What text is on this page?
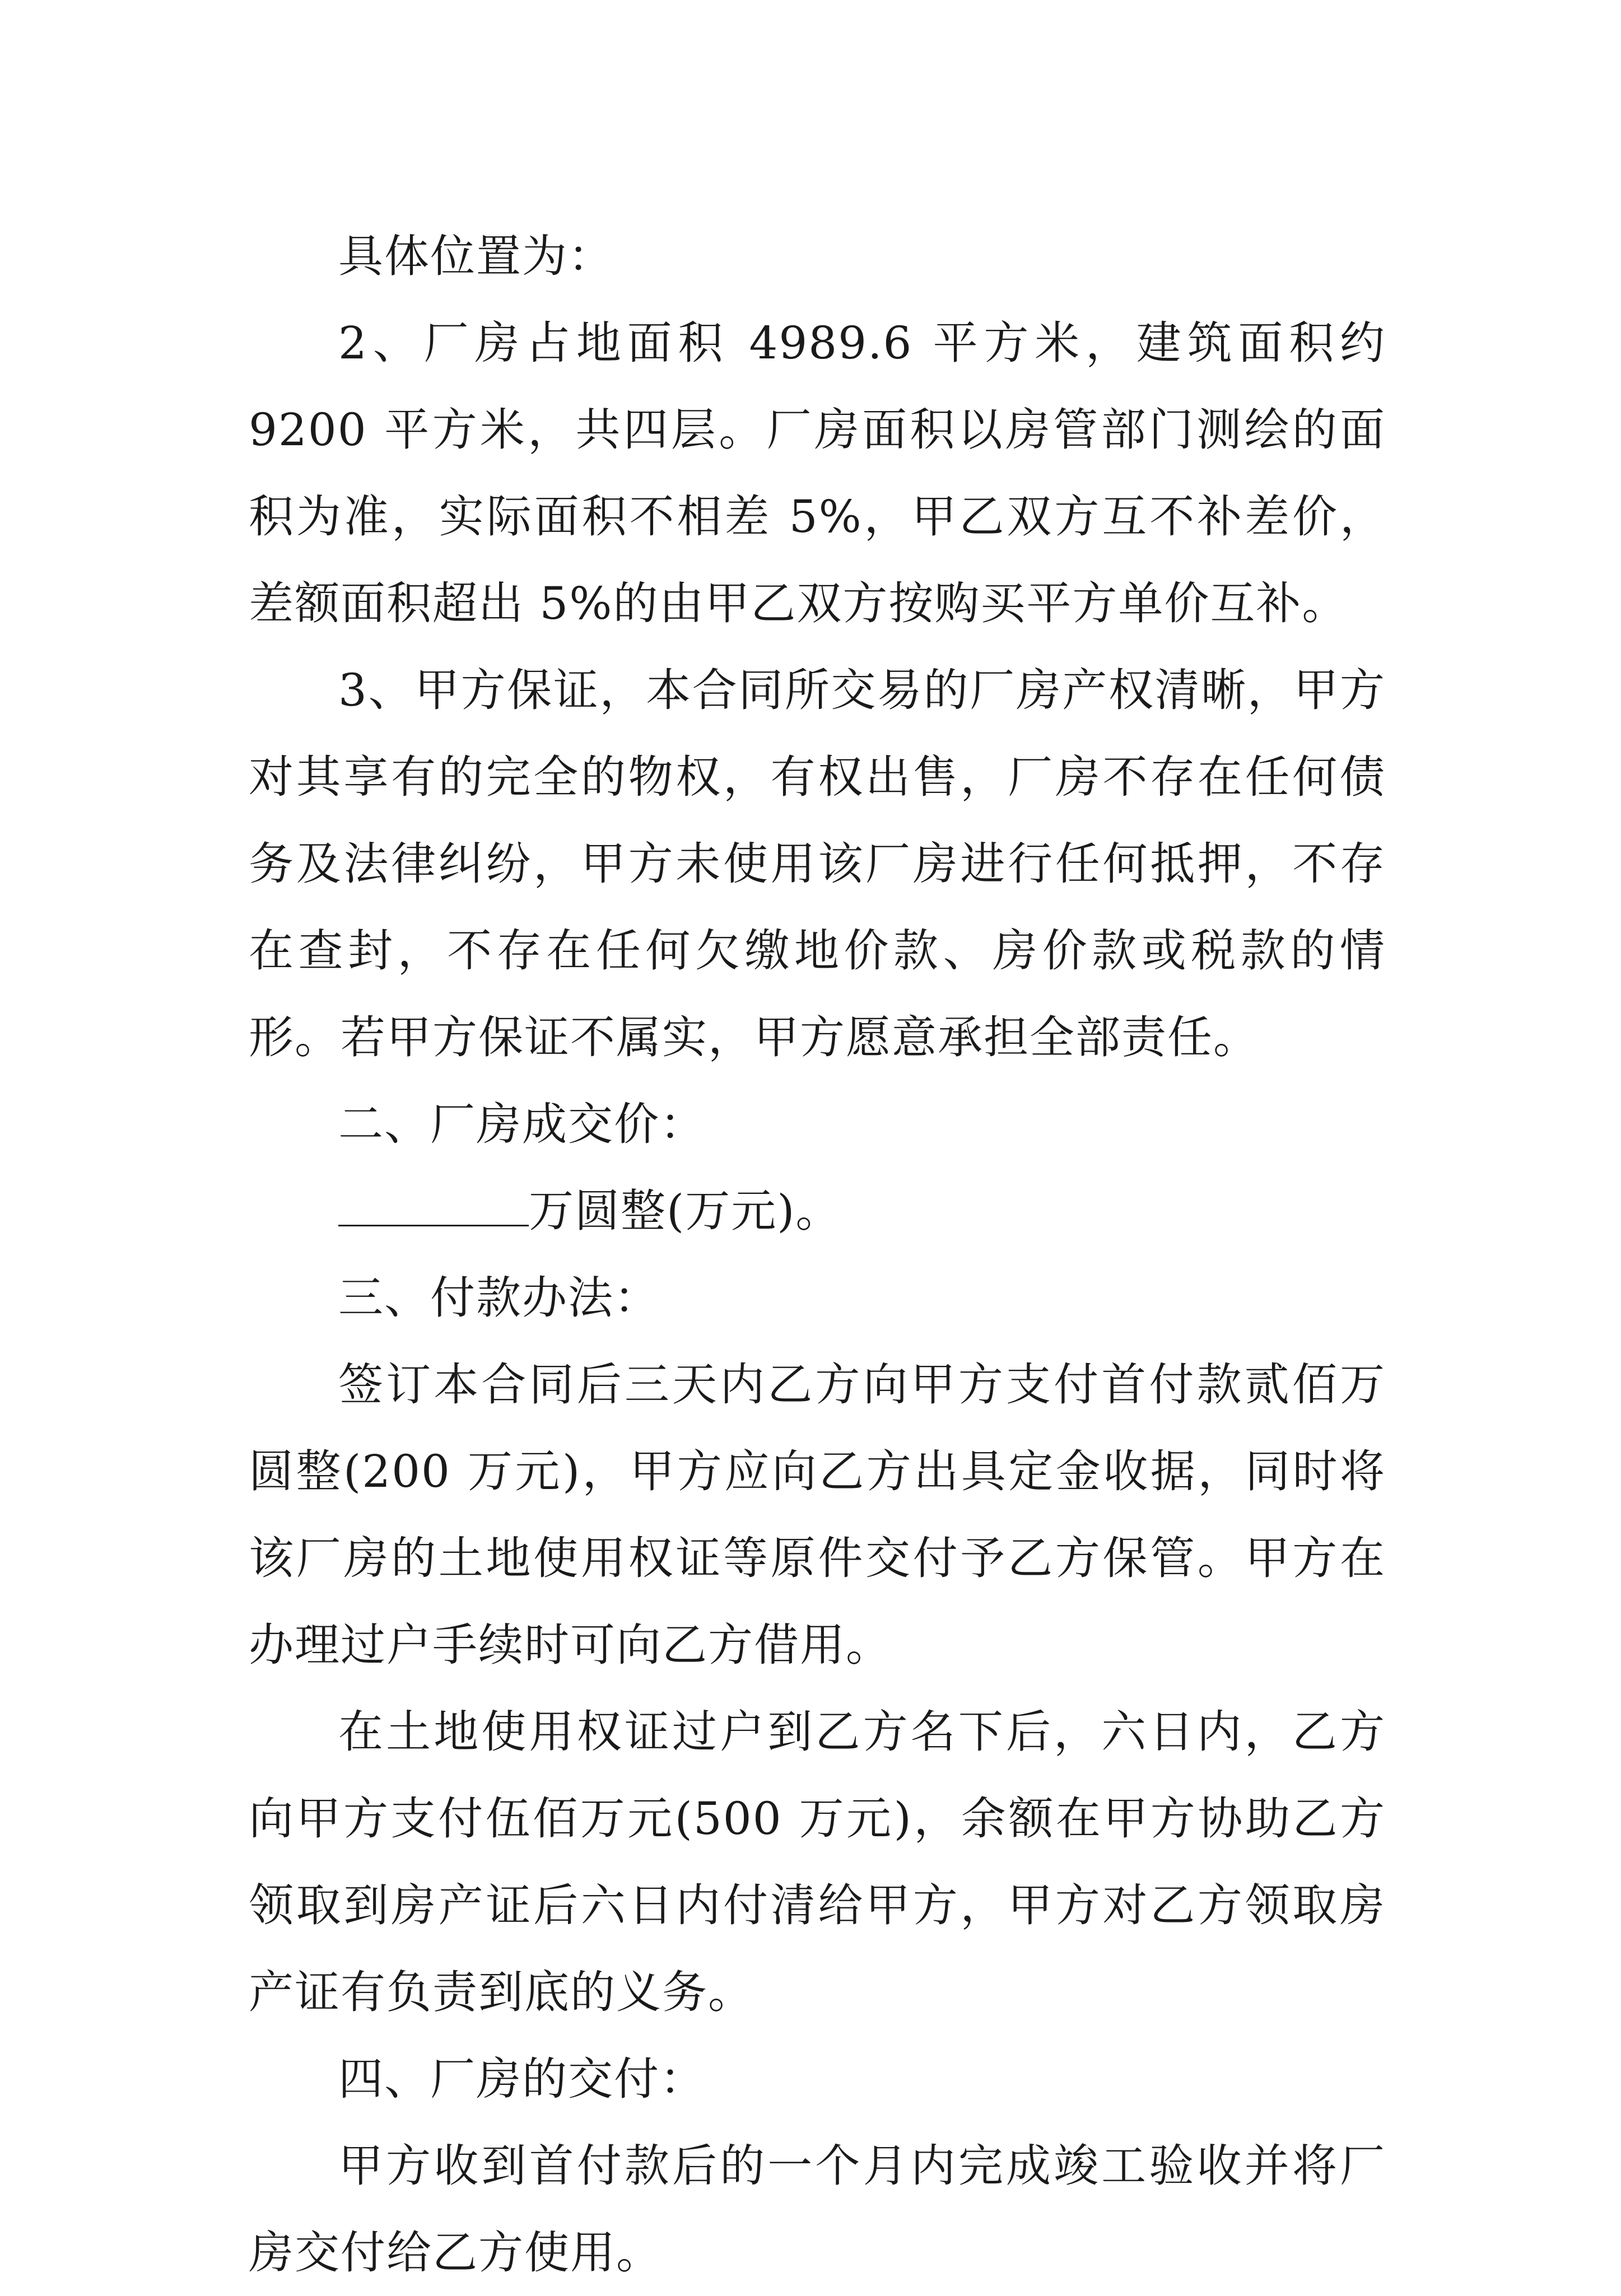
具体位置为：

2、厂房占地面积 4989.6 平方米，建筑面积约 9200 平方米，共四层。厂房面积以房管部门测绘的面积为准，实际面积不相差 5%，甲乙双方互不补差价，差额面积超出 5%的由甲乙双方按购买平方单价互补。

3、甲方保证，本合同所交易的厂房产权清晰，甲方对其享有的完全的物权，有权出售，厂房不存在任何债务及法律纠纷，甲方未使用该厂房进行任何抵押，不存在查封，不存在任何欠缴地价款、房价款或税款的情形。若甲方保证不属实，甲方愿意承担全部责任。

二、厂房成交价：

万圆整(万元)。

三、付款办法：

签订本合同后三天内乙方向甲方支付首付款贰佰万圆整(200 万元)，甲方应向乙方出具定金收据，同时将该厂房的土地使用权证等原件交付予乙方保管。甲方在办理过户手续时可向乙方借用。

在土地使用权证过户到乙方名下后，六日内，乙方向甲方支付伍佰万元(500 万元)，余额在甲方协助乙方领取到房产证后六日内付清给甲方，甲方对乙方领取房产证有负责到底的义务。

四、厂房的交付：

甲方收到首付款后的一个月内完成竣工验收并将厂房交付给乙方使用。
